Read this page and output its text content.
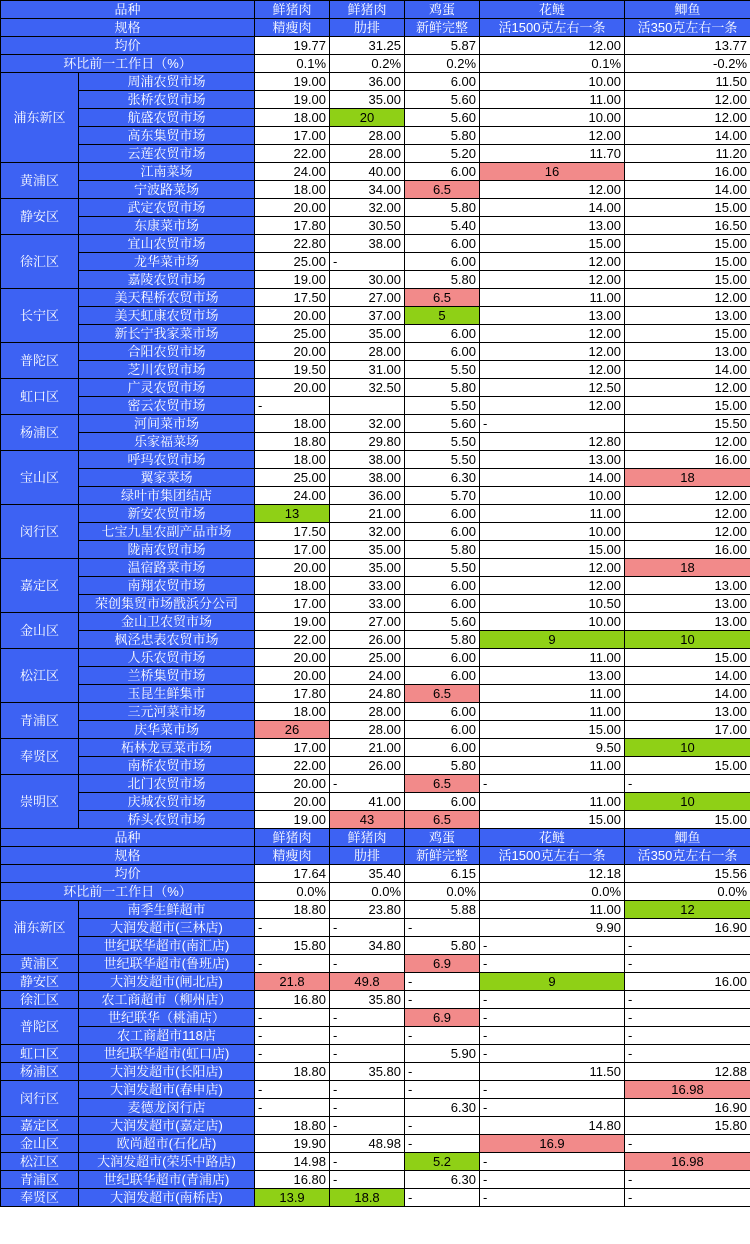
品种		鲜猪肉	鲜猪肉	鸡蛋	花鲢	鲫鱼
规格		精瘦肉	肋排	新鲜完整	活1500克左右一条	活350克左右一条
均价		19.77	31.25	5.87	12.00	13.77
环比前一工作日（%）		0.1%	0.2%	0.2%	0.1%	-0.2%
浦东新区	周浦农贸市场	19.00	36.00	6.00	10.00	11.50
	张桥农贸市场	19.00	35.00	5.60	11.00	12.00
	航盛农贸市场	18.00	20	5.60	10.00	12.00
	高东集贸市场	17.00	28.00	5.80	12.00	14.00
	云莲农贸市场	22.00	28.00	5.20	11.70	11.20
黄浦区	江南菜场	24.00	40.00	6.00	16	16.00
	宁波路菜场	18.00	34.00	6.5	12.00	14.00
静安区	武定农贸市场	20.00	32.00	5.80	14.00	15.00
	东康菜市场	17.80	30.50	5.40	13.00	16.50
徐汇区	宜山农贸市场	22.80	38.00	6.00	15.00	15.00
	龙华菜市场	25.00	-	6.00	12.00	15.00
	嘉陵农贸市场	19.00	30.00	5.80	12.00	15.00
长宁区	美天程桥农贸市场	17.50	27.00	6.5	11.00	12.00
	美天虹康农贸市场	20.00	37.00	5	13.00	13.00
	新长宁我家菜市场	25.00	35.00	6.00	12.00	15.00
普陀区	合阳农贸市场	20.00	28.00	6.00	12.00	13.00
	芝川农贸市场	19.50	31.00	5.50	12.00	14.00
虹口区	广灵农贸市场	20.00	32.50	5.80	12.50	12.00
	密云农贸市场	-		5.50	12.00	15.00
杨浦区	河间菜市场	18.00	32.00	5.60	-	15.50
	乐家福菜场	18.80	29.80	5.50	12.80	12.00
宝山区	呼玛农贸市场	18.00	38.00	5.50	13.00	16.00
	翼家菜场	25.00	38.00	6.30	14.00	18
	绿叶市集团结店	24.00	36.00	5.70	10.00	12.00
闵行区	新安农贸市场	13	21.00	6.00	11.00	12.00
	七宝九星农副产品市场	17.50	32.00	6.00	10.00	12.00
	陇南农贸市场	17.00	35.00	5.80	15.00	16.00
嘉定区	温宿路菜市场	20.00	35.00	5.50	12.00	18
	南翔农贸市场	18.00	33.00	6.00	12.00	13.00
	荣创集贸市场戬浜分公司	17.00	33.00	6.00	10.50	13.00
金山区	金山卫农贸市场	19.00	27.00	5.60	10.00	13.00
	枫泾忠表农贸市场	22.00	26.00	5.80	9	10
松江区	人乐农贸市场	20.00	25.00	6.00	11.00	15.00
	兰桥集贸市场	20.00	24.00	6.00	13.00	14.00
	玉昆生鲜集市	17.80	24.80	6.5	11.00	14.00
青浦区	三元河菜市场	18.00	28.00	6.00	11.00	13.00
	庆华菜市场	26	28.00	6.00	15.00	17.00
奉贤区	柘林龙豆菜市场	17.00	21.00	6.00	9.50	10
	南桥农贸市场	22.00	26.00	5.80	11.00	15.00
崇明区	北门农贸市场	20.00	-	6.5	-	-
	庆城农贸市场	20.00	41.00	6.00	11.00	10
	桥头农贸市场	19.00	43	6.5	15.00	15.00
品种		鲜猪肉	鲜猪肉	鸡蛋	花鲢	鲫鱼
规格		精瘦肉	肋排	新鲜完整	活1500克左右一条	活350克左右一条
均价		17.64	35.40	6.15	12.18	15.56
环比前一工作日（%）		0.0%	0.0%	0.0%	0.0%	0.0%
浦东新区	南季生鲜超市	18.80	23.80	5.88	11.00	12
	大润发超市(三林店)	-	-	-	9.90	16.90
	世纪联华超市(南汇店)	15.80	34.80	5.80	-	-
黄浦区	世纪联华超市(鲁班店)	-	-	6.9	-	-
静安区	大润发超市(闸北店)	21.8	49.8	-	9	16.00
徐汇区	农工商超市（柳州店）	16.80	35.80	-	-	-
普陀区	世纪联华（桃浦店）	-	-	6.9	-	-
	农工商超市118店	-	-	-	-	-
虹口区	世纪联华超市(虹口店)	-	-	5.90	-	-
杨浦区	大润发超市(长阳店)	18.80	35.80	-	11.50	12.88
闵行区	大润发超市(春申店)	-	-	-	-	16.98
	麦德龙闵行店	-	-	6.30	-	16.90
嘉定区	大润发超市(嘉定店)	18.80	-	-	14.80	15.80
金山区	欧尚超市(石化店)	19.90	48.98	-	16.9	-
松江区	大润发超市(荣乐中路店)	14.98	-	5.2	-	16.98
青浦区	世纪联华超市(青浦店)	16.80	-	6.30	-	-
奉贤区	大润发超市(南桥店)	13.9	18.8	-	-	-
